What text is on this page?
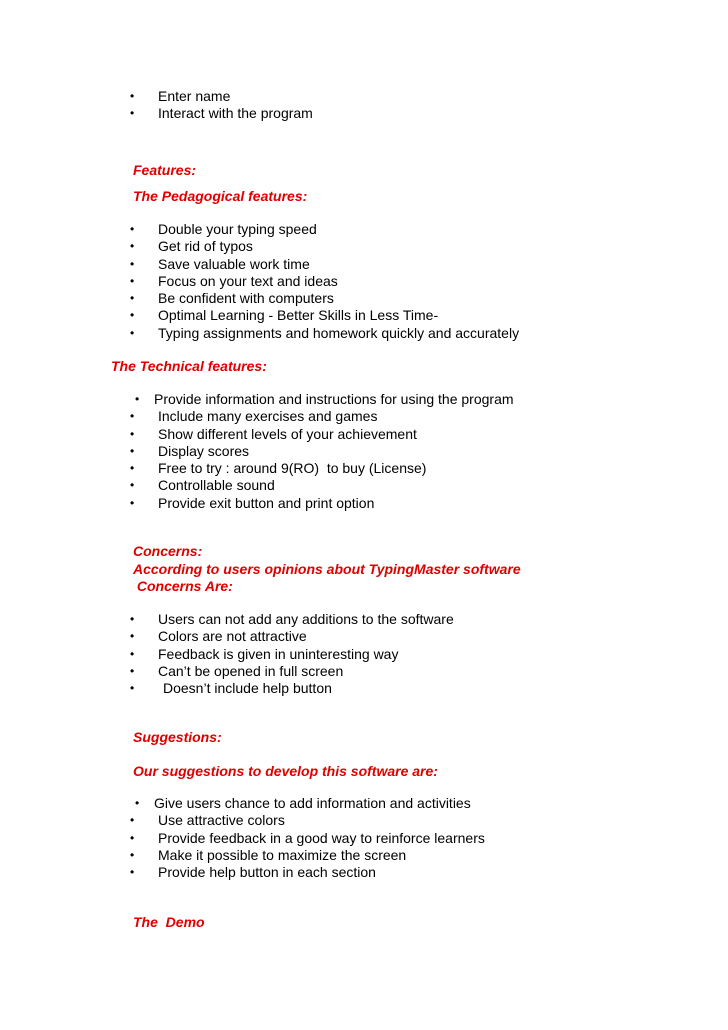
• Enter name
• Interact with the program
Features:
The Pedagogical features:
• Double your typing speed
• Get rid of typos
• Save valuable work time
• Focus on your text and ideas
• Be confident with computers
• Optimal Learning - Better Skills in Less Time-
• Typing assignments and homework quickly and accurately
The Technical features:
• Provide information and instructions for using the program
• Include many exercises and games
• Show different levels of your achievement
• Display scores
• Free to try : around 9(RO)  to buy (License)
• Controllable sound
• Provide exit button and print option
Concerns:
According to users opinions about TypingMaster software
Concerns Are:
• Users can not add any additions to the software
• Colors are not attractive
• Feedback is given in uninteresting way
• Can’t be opened in full screen
• Doesn’t include help button
Suggestions:
Our suggestions to develop this software are:
• Give users chance to add information and activities
• Use attractive colors
• Provide feedback in a good way to reinforce learners
• Make it possible to maximize the screen
• Provide help button in each section
The  Demo
